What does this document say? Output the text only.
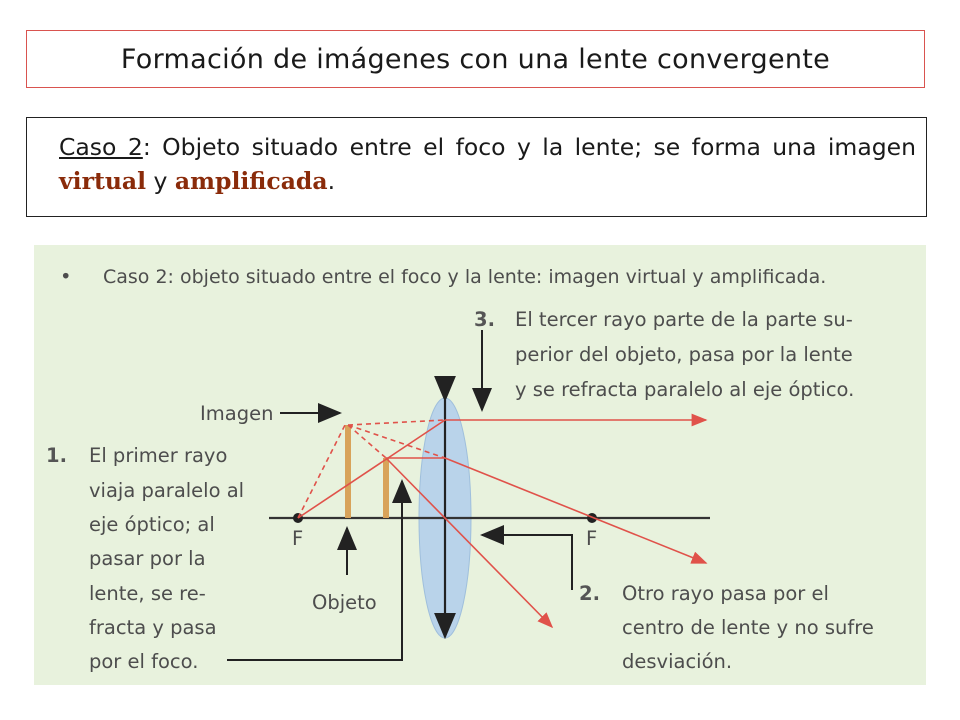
Formación de imágenes con una lente convergente
Caso 2: Objeto situado entre el foco y la lente; se forma una imagen virtual y amplificada.
• Caso 2: objeto situado entre el foco y la lente: imagen virtual y amplificada.
3. El tercer rayo parte de la parte su-
perior del objeto, pasa por la lente
y se refracta paralelo al eje óptico.
Imagen
1. El primer rayo
viaja paralelo al
eje óptico; al
pasar por la
lente, se re-
fracta y pasa
por el foco.
F	F
Objeto	2. Otro rayo pasa por el
centro de lente y no sufre
desviación.
